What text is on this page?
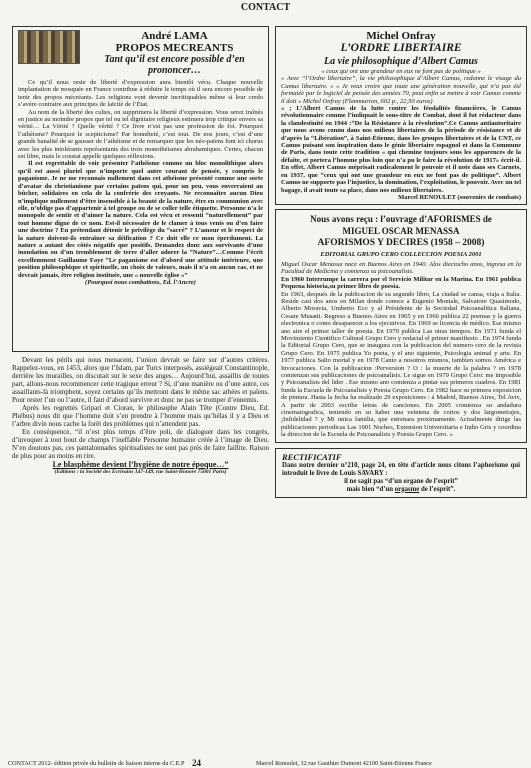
CONTACT
André LAMA
PROPOS MECREANTS
Tant qu’il est encore possible d’en prononcer…

Ce qu’il nous reste de liberté d’expression aura bientôt vécu. Chaque nouvelle implantation de mosquée en France contribue à réduire le temps où il sera encore possible de tenir des propos mécréants. Les religions vont devenir incritiquables même si leur credo s’avère contraire aux principes de laïcité de l’État.

Au nom de la liberté des cultes, on supprimera la liberté d’expression. Vous serez traînés en justice au moindre propos que tel ou tel dignitaire religieux estimera trop critique envers sa vérité… La Vérité ? Quelle vérité ? Ce livre n’est pas une profession de foi. Pourquoi l’athéisme? Pourquoi le scepticisme? Par honnêteté, c’est tout. De nos jours, c’est d’une grande banalité de se gausser de l’athéisme et de remarquer que les néo-païens font ici chorus avec les plus intolérants représentants des trois monothéismes abrahamiques. Certes, chacun est libre, mais le constat appelle quelques réflexions.

Il est regrettable de voir présenter l’athéisme comme un bloc monolithique alors qu’il est aussi pluriel que n’importe quel autre courant de pensée, y compris le paganisme. Je ne me reconnais nullement dans cet athéisme présenté comme une sorte d’avatar du christianisme par certains païens qui, pour un peu, vous enverraient au bûcher, solidaires en cela de la confrérie des croyants. Ne reconnaître aucun Dieu n’implique nullement d’être insensible à la beauté de la nature, être en communion avec elle, n’oblige pas d’appartenir à tel groupe ou de se coller telle étiquette. Personne n’a le monopole de sentir et d’aimer la nature. Cela est vécu et ressenti “naturellement” par tout homme digne de ce nom. Est-il nécessaire de le clamer à tous vents ou d’en faire une doctrine ? En prétendant détenir le privilège du “sacré” ? L’amour et le respect de la nature doivent-ils entraîner sa déification ? Ce doit elle ce mon éperdument. La nature a autant des côtés négatifs que positifs. Demandez donc aux survivants d’une inondation ou d’un tremblement de terre d’aller adorer la “Nature”…Comme l’écrit excellemment Guillaume Faye “Le paganisme est d’abord une attitude intérieure, une position philosophique et spirituelle, un choix de valeurs, mais il n’a en aucun cas, et ne devrait jamais, être religion instituée, une « nouvelle église »”

(Pourquoi nous combattons, Ed. l’Ancre)

Devant les périls qui nous menacent, l’union devrait se faire sur d’autres critères. Rappelez-vous, en 1453, alors que l’Islam, par Turcs interposés, assiégeait Constantinople, derrière les murailles, on discutait sur le sexe des anges… Aujourd’hui, assaillis de toutes part, allons-nous recommencer cette tragique erreur ? Si, d’une manière ou d’une autre, ces assaillants-là triomphent, soyez certains qu’ils mettront dans le même sac athées et païens. Pour rester l’un ou l’autre, il faut d’abord survivre et donc ne pas se tromper d’ennemis.

Après les regrettés Gripari et Cioran, le philosophe Alain Tête (Contre Dieu, Ed. Phébus) nous dit que l’homme doit s’en prendre à l’homme mais qu’hélas il y a Dieu et l’arbre divin nous cache la forêt des problèmes qui n’attendent pas.

En conséquence, “il n’est plus temps d’être poli, de dialoguer dans les congrès, d’invoquer à tout bout de champs l’ineffable Personne humaine créée à l’image de Dieu. N’en doutons pas, ces pantalonnades spiritualistes ne sont pas près de faire faillite. Raison de plus pour au moins en rire.

Le blasphème devient l’hygiène de notre époque…”

(Editions : la Société des Ecrivains 147-149, rue Saint-Honoré 75001 Paris)

Michel Onfray
L’ORDRE LIBERTAIRE
La vie philosophique d’Albert Camus

« ceux qui ont une grandeur en eux ne font pas de politique »

« Avec “l’Ordre libertaire”, la vie philosophique d’Albert Camus, redonne le visage du Camus libertaire. » « Je veux croire que toute une génération nouvelle, qui n’a pas été formatée par le logiciel de pensée des années 70, peut enfin se mettre à voir Camus comme il doit » Michel Onfray (Flammarion, 602 p., 22,50 euros)

« ; L’Albert Camus de la lutte contre les féodalités financières, le Camus révolutionnaire comme l’indiquait le sous-titre de Combat, dont il fut rédacteur dans la clandestinité en 1944 :“De la Résistance à la révolution”.Ce Camus antiautoritaire que nous avons connu dans nos milieux libertaires de la période de résistance et de d’après la “Libération”, à Saint-Étienne, dans les groupes libertaires et de la CNT, ce Camus puisant son inspiration dans le génie libertaire espagnol et dans la Commune de Paris, dans toute cette tradition « qui chemine toujours sous les apparences de la défaite, et portera l’homme plus loin que n’a pu le faire la révolution de 1917» écrit-il. En effet, Albert Camus méprisait radicalement le pouvoir et il note dans ses Carnets, en 1937, que “ceux qui ont une grandeur en eux ne font pas de politique”. Albert Camus ne supporte pas l’injustice, la domination, l’exploitation, le pouvoir. Avec un tel bagage, il avait toute sa place, dans nos milieux libertaires.

Marcel RENOULET (souvenirs de combats)
Nous avons reçu : l’ouvrage d’AFORISMES de
MIGUEL OSCAR MENASSA
AFORISMOS Y DECIRES (1958 – 2008)
EDITORIAL GRUPO CERO COLLECCION POESIA 2001

Miguel Oscar Menassa nace en Buenos Aires en 1940. Alos dieciocho anos, ingresa en la Facultad de Medicina y comienza su psicoanalisis.

En 1960 Interrumpe la carrera por el Servicio Militar en la Marina. En 1961 publica Pequena historia,su primer libro de poesia.

En 1963, después de la publicacion de su segundo libro, La ciudad se cansa, viaja a Italia. Reside casi dos anos en Milan donde conoce a Eugenio Montale, Salvatore Quasimodo, Alberto Moravia, Umberto Eco y al Présidente de la Sociedad Psicoanalitica Italiana, Cesare Musatti. Regreso a Buenos Aires en 1965 y en 1966 publica 22 poemas y la guerra electronica o como desaparecer a los ejecutivos. En 1969 se licencia de médico. Ese mismo ano aire el primer taller de poesia. En 1970 publica Las otras tiempos. En 1971 funda el Movimiento Cientifico Cultural Grupo Cero y redactal el primer manifiesto . En 1974 funda la Editorial Grupo Cero, que se inaugura con la publicacion del numero cero de la revista Grupo Cero. En 1975 publica Yo poeta, y el ano siguiente, Psicologia animal y arte. En 1977 publica Salto mortal y en 1978 Canto a nosotros mismos, tambien somos América e Invocaciones. Con la publicacion :Perversion ? O : la muerte de la palabra ? en 1978 comienzan sus publicaciones de psicoanalisis. Le sigue en 1979 Grupo Cero: me imposible y Psicoanalisis del lider . Ese mismo ano comienza a pintar sus primeros cuadros. En 1981 funda la Escuela de Psicoanalisis y Poesia Grupo Cero. En 1982 hace su primera exposicion de pintura. Hasta la fecha ha realizado 29 exposiciones : á Madrid, Buenos Aires, Tel Aviv, A partir de 2003 escribe letras de canciones. En 2005 comienza su andadura cinematografica, teniendo en su haber una veintena de cortos y dos largometrajes, ¡Infidelidad ? y Mi unica familia, que estrenara proximamente. Actualmente dirige las publicaciones periodicas Las 1001 Noches, Extension Universitaria e Indio Gris y coordina la direccion de la Escuela de Psicoanalisis y Poesia Grupo Cero. »

RECTIFICATIF

Dans notre dernier n°210, page 24, en tête d’article nous citons l’aphorisme qui introduit le livre de Louis SAVARY :

il ne sagit pas “d’un organe de l’esprit”

mais bien “d’un orgasme de l’esprit”.

CONTACT 2012- édition privée du bulletin de liaison interne du C.E.P 24	Marcel Renoulet, 32 rue Gauthier Dumont 42100 Saint-Etienne France
